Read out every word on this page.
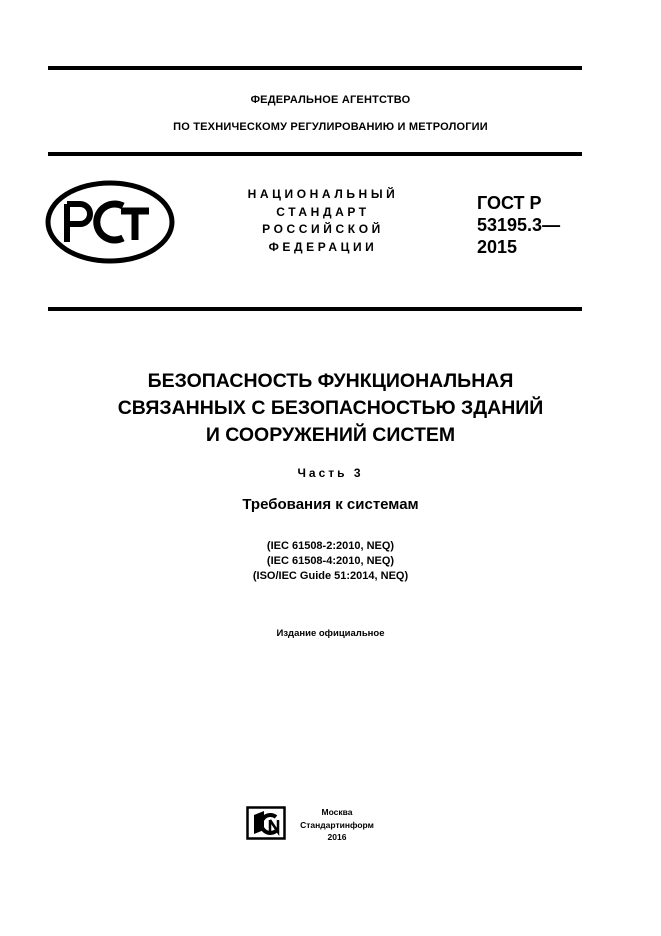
ФЕДЕРАЛЬНОЕ АГЕНТСТВО
ПО ТЕХНИЧЕСКОМУ РЕГУЛИРОВАНИЮ И МЕТРОЛОГИИ
НАЦИОНАЛЬНЫЙ
СТАНДАРТ
РОССИЙСКОЙ
ФЕДЕРАЦИИ
ГОСТ Р
53195.3—
2015
БЕЗОПАСНОСТЬ ФУНКЦИОНАЛЬНАЯ
СВЯЗАННЫХ С БЕЗОПАСНОСТЬЮ ЗДАНИЙ
И СООРУЖЕНИЙ СИСТЕМ
Часть 3
Требования к системам
(IEC 61508-2:2010, NEQ)
(IEC 61508-4:2010, NEQ)
(ISO/IEC Guide 51:2014, NEQ)
Издание официальное
Москва
Стандартинформ
2016
